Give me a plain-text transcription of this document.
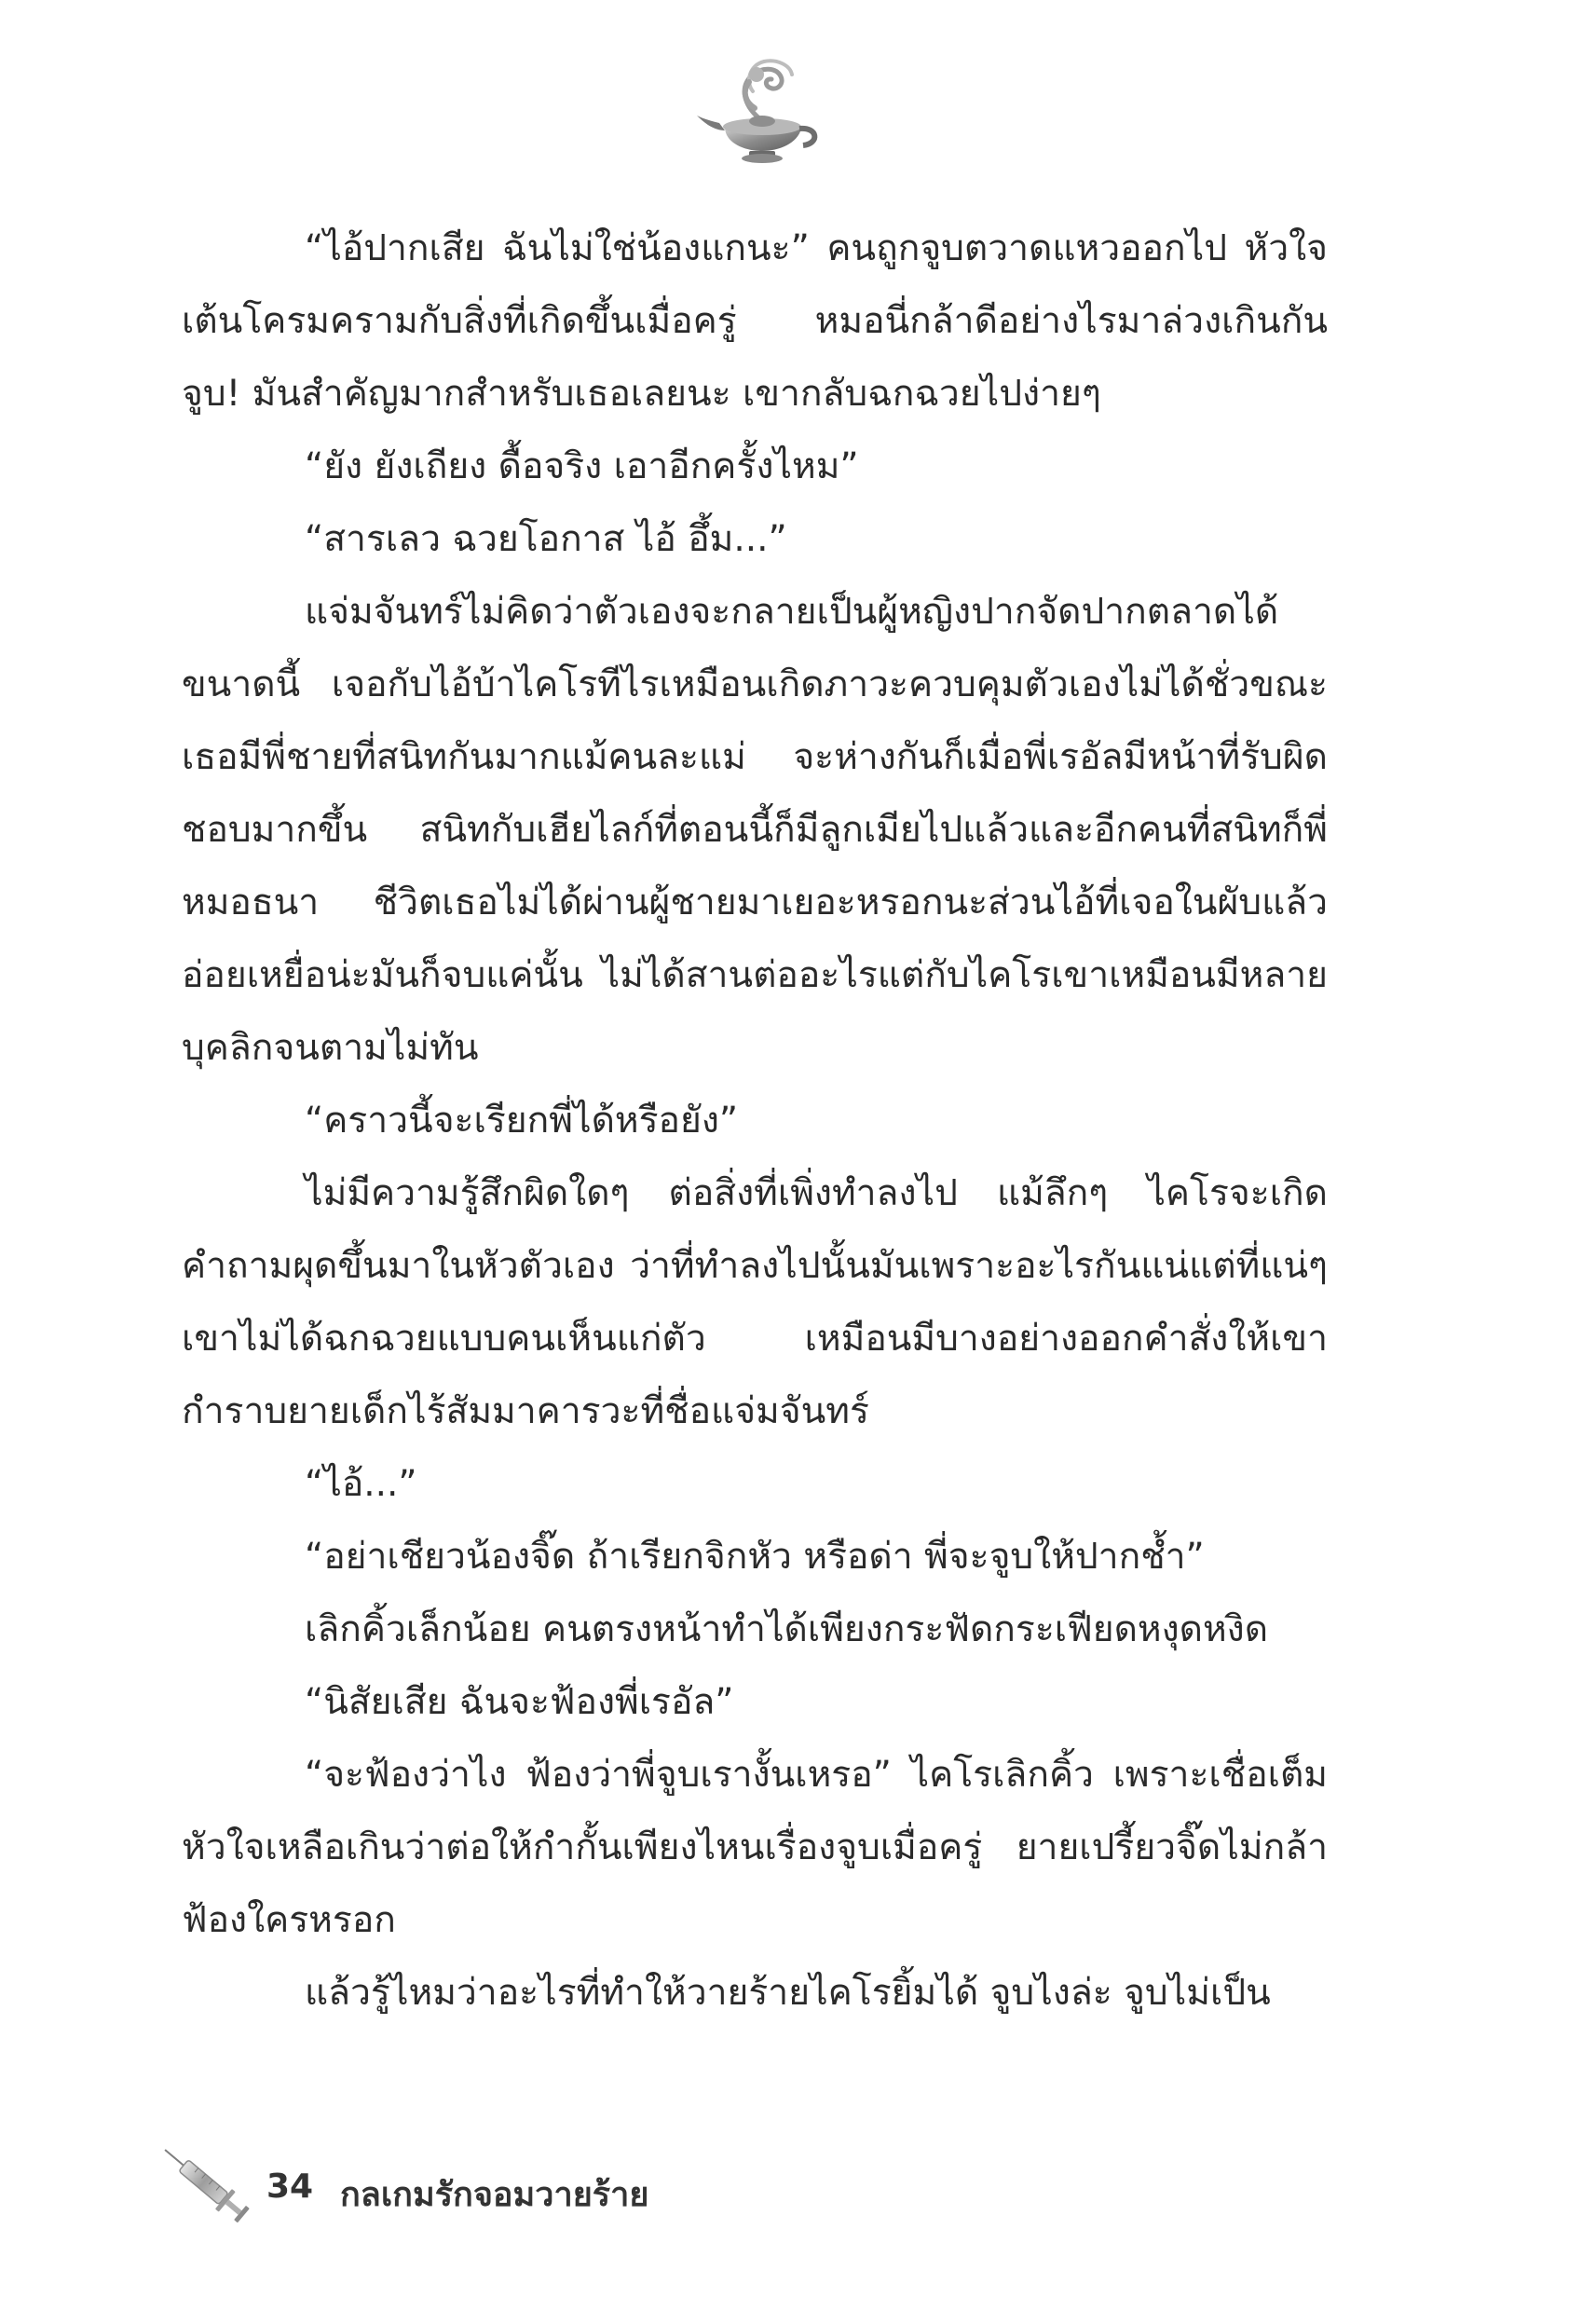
“ไอ้ปากเสีย ฉันไม่ใช่น้องแกนะ” คนถูกจูบตวาดแหวออกไป หัวใจเต้นโครมครามกับสิ่งที่เกิดขึ้นเมื่อครู่ หมอนี่กล้าดีอย่างไรมาล่วงเกินกัน จูบ! มันสำคัญมากสำหรับเธอเลยนะ เขากลับฉกฉวยไปง่ายๆ

“ยัง ยังเถียง ดื้อจริง เอาอีกครั้งไหม”

“สารเลว ฉวยโอกาส ไอ้ อึ้ม...”

แจ่มจันทร์ไม่คิดว่าตัวเองจะกลายเป็นผู้หญิงปากจัดปากตลาดได้ขนาดนี้ เจอกับไอ้บ้าไคโรทีไรเหมือนเกิดภาวะควบคุมตัวเองไม่ได้ชั่วขณะ เธอมีพี่ชายที่สนิทกันมากแม้คนละแม่ จะห่างกันก็เมื่อพี่เรอัลมีหน้าที่รับผิดชอบมากขึ้น สนิทกับเฮียไลก์ที่ตอนนี้ก็มีลูกเมียไปแล้วและอีกคนที่สนิทก็พี่หมอธนา ชีวิตเธอไม่ได้ผ่านผู้ชายมาเยอะหรอกนะส่วนไอ้ที่เจอในผับแล้วอ่อยเหยื่อน่ะมันก็จบแค่นั้น ไม่ได้สานต่ออะไรแต่กับไคโรเขาเหมือนมีหลายบุคลิกจนตามไม่ทัน

“คราวนี้จะเรียกพี่ได้หรือยัง”

ไม่มีความรู้สึกผิดใดๆ ต่อสิ่งที่เพิ่งทำลงไป แม้ลึกๆ ไคโรจะเกิดคำถามผุดขึ้นมาในหัวตัวเอง ว่าที่ทำลงไปนั้นมันเพราะอะไรกันแน่แต่ที่แน่ๆ เขาไม่ได้ฉกฉวยแบบคนเห็นแก่ตัว เหมือนมีบางอย่างออกคำสั่งให้เขากำราบยายเด็กไร้สัมมาคารวะที่ชื่อแจ่มจันทร์

“ไอ้...”

“อย่าเชียวน้องจิ๊ด ถ้าเรียกจิกหัว หรือด่า พี่จะจูบให้ปากช้ำ”

เลิกคิ้วเล็กน้อย คนตรงหน้าทำได้เพียงกระฟัดกระเฟียดหงุดหงิด

“นิสัยเสีย ฉันจะฟ้องพี่เรอัล”

“จะฟ้องว่าไง ฟ้องว่าพี่จูบเรางั้นเหรอ” ไคโรเลิกคิ้ว เพราะเชื่อเต็มหัวใจเหลือเกินว่าต่อให้กำกั้นเพียงไหนเรื่องจูบเมื่อครู่ ยายเปรี้ยวจิ๊ดไม่กล้าฟ้องใครหรอก

แล้วรู้ไหมว่าอะไรที่ทำให้วายร้ายไคโรยิ้มได้ จูบไงล่ะ จูบไม่เป็น

34 กลเกมรักจอมวายร้าย
